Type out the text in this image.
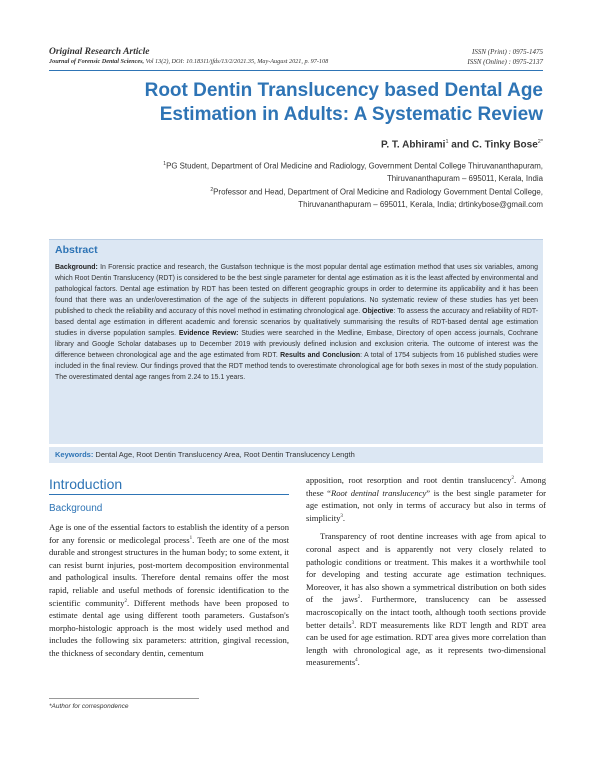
Original Research Article
Journal of Forensic Dental Sciences, Vol 13(2), DOI: 10.18311/jfds/13/2/2021.35, May-August 2021, p. 97-108
ISSN (Print) : 0975-1475
ISSN (Online) : 0975-2137
Root Dentin Translucency based Dental Age Estimation in Adults: A Systematic Review
P. T. Abhirami$^1$ and C. Tinky Bose$^{2*}$
$^1$PG Student, Department of Oral Medicine and Radiology, Government Dental College Thiruvananthapuram,
Thiruvananthapuram – 695011, Kerala, India
$^2$Professor and Head, Department of Oral Medicine and Radiology Government Dental College,
Thiruvananthapuram – 695011, Kerala, India; drtinkybose@gmail.com
Abstract
Background: In Forensic practice and research, the Gustafson technique is the most popular dental age estimation method that uses six variables, among which Root Dentin Translucency (RDT) is considered to be the best single parameter for dental age estimation as it is the least affected by environmental and pathological factors. Dental age estimation by RDT has been tested on different geographic groups in order to determine its applicability and it has been found that there was an under/overestimation of the age of the subjects in different populations. No systematic review of these studies has yet been published to check the reliability and accuracy of this novel method in estimating chronological age. Objective: To assess the accuracy and reliability of RDT-based dental age estimation in different academic and forensic scenarios by qualitatively summarising the results of RDT-based dental age estimation studies in diverse population samples. Evidence Review: Studies were searched in the Medline, Embase, Directory of open access journals, Cochrane library and Google Scholar databases up to December 2019 with previously defined inclusion and exclusion criteria. The outcome of interest was the difference between chronological age and the age estimated from RDT. Results and Conclusion: A total of 1754 subjects from 16 published studies were included in the final review. Our findings proved that the RDT method tends to overestimate chronological age for both sexes in most of the study population. The overestimated dental age ranges from 2.24 to 15.1 years.
Keywords: Dental Age, Root Dentin Translucency Area, Root Dentin Translucency Length
Introduction
Background

Age is one of the essential factors to establish the identity of a person for any forensic or medicolegal process$^1$. Teeth are one of the most durable and strongest structures in the human body; to some extent, it can resist burnt injuries, post-mortem decomposition environmental and pathological insults. Therefore dental remains offer the most rapid, reliable and useful methods of forensic identification to the scientific community$^2$. Different methods have been proposed to estimate dental age using different tooth parameters. Gustafson's morpho-histologic approach is the most widely used method and includes the following six parameters: attrition, gingival recession, the thickness of secondary dentin, cementum

apposition, root resorption and root dentin translucency$^2$. Among these “Root dentinal translucency” is the best single parameter for age estimation, not only in terms of accuracy but also in terms of simplicity$^3$.

Transparency of root dentine increases with age from apical to coronal aspect and is apparently not very closely related to pathologic conditions or treatment. This makes it a worthwhile tool for developing and testing accurate age estimation techniques. Moreover, it has also shown a symmetrical distribution on both sides of the jaws$^2$. Furthermore, translucency can be assessed macroscopically on the intact tooth, although tooth sections provide better details$^3$. RDT measurements like RDT length and RDT area can be used for age estimation. RDT area gives more correlation than length with chronological age, as it represents two-dimensional measurements$^4$.

*Author for correspondence
